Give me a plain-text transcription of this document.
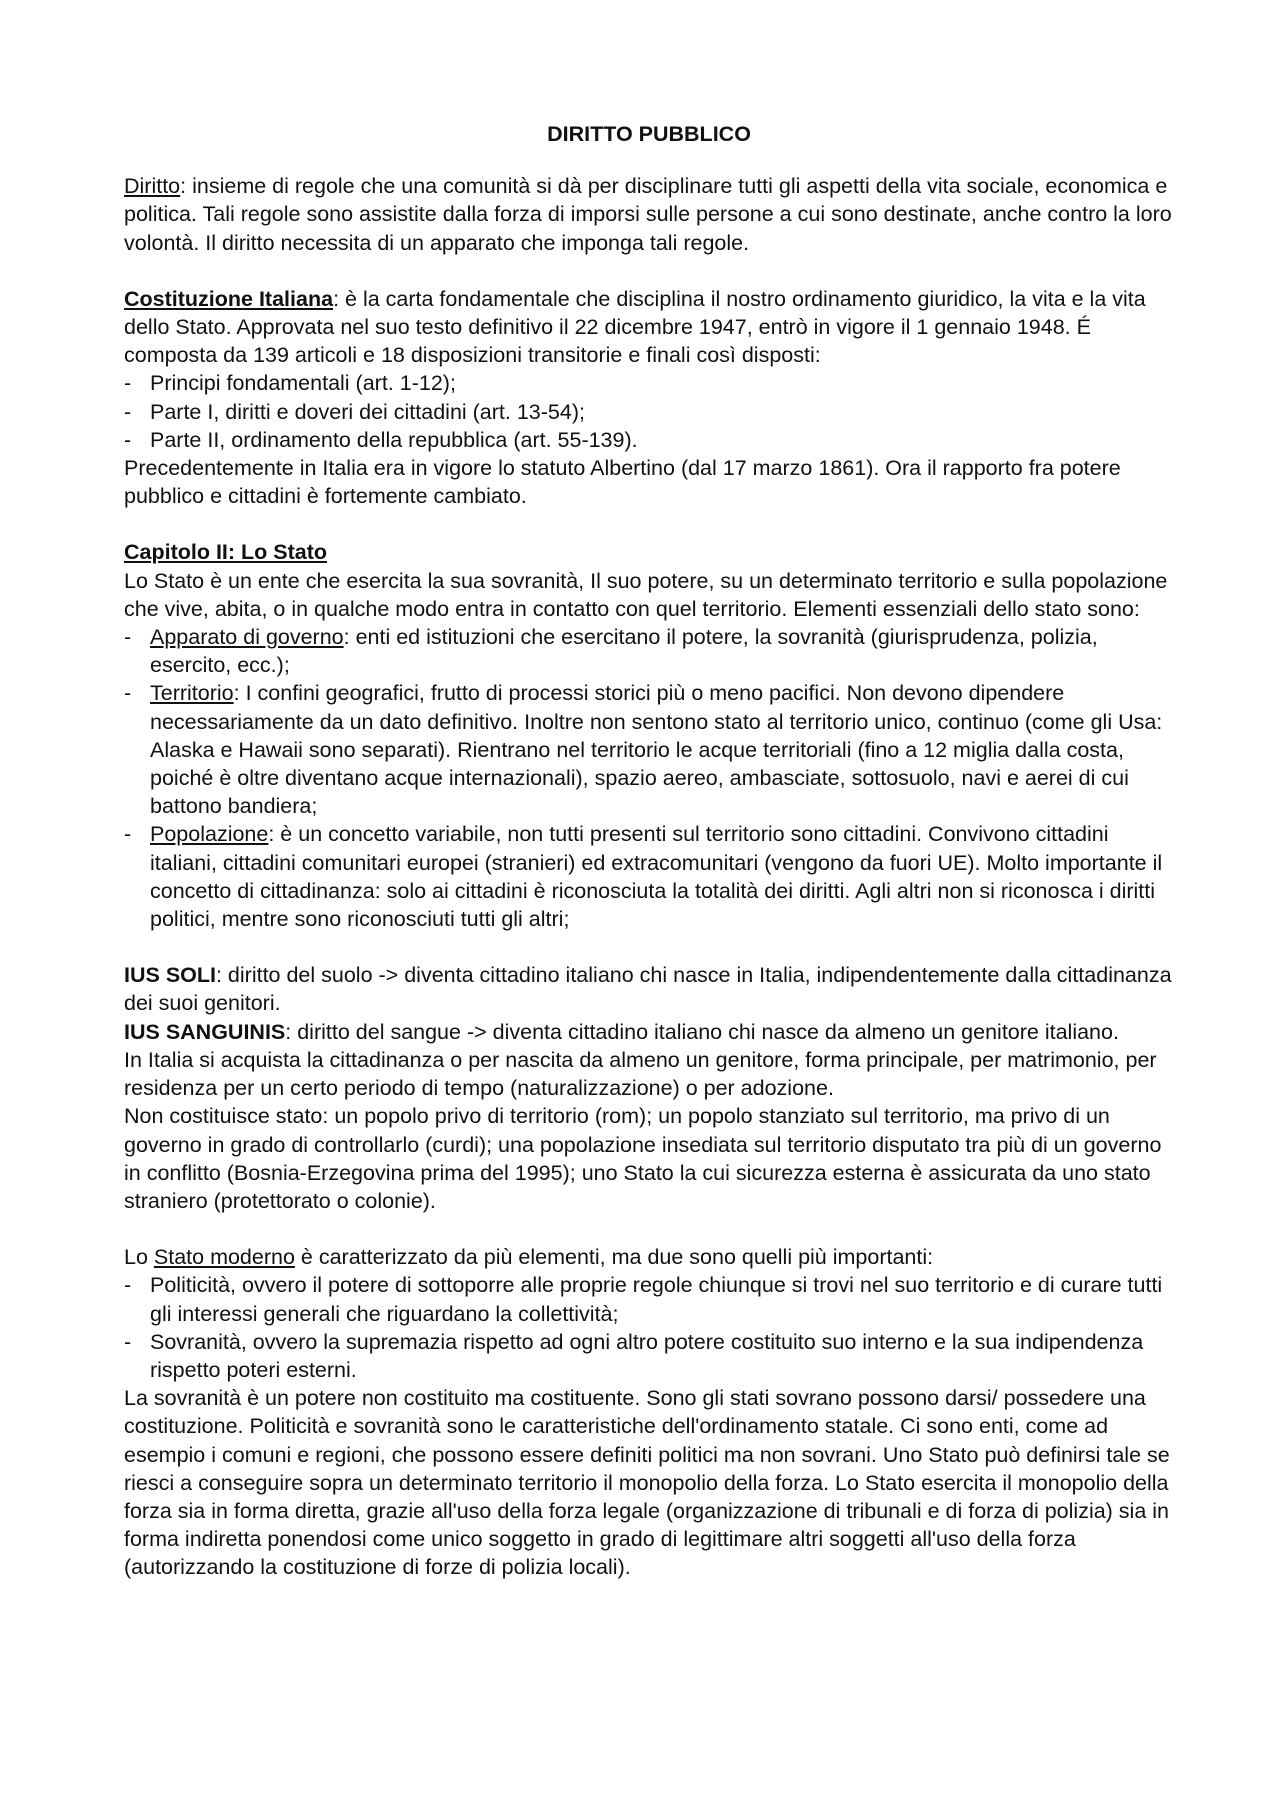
DIRITTO PUBBLICO

Diritto: insieme di regole che una comunità si dà per disciplinare tutti gli aspetti della vita sociale, economica e politica. Tali regole sono assistite dalla forza di imporsi sulle persone a cui sono destinate, anche contro la loro volontà. Il diritto necessita di un apparato che imponga tali regole.

Costituzione Italiana: è la carta fondamentale che disciplina il nostro ordinamento giuridico, la vita e la vita dello Stato. Approvata nel suo testo definitivo il 22 dicembre 1947, entrò in vigore il 1 gennaio 1948. É composta da 139 articoli e 18 disposizioni transitorie e finali così disposti:

- Principi fondamentali (art. 1-12);
- Parte I, diritti e doveri dei cittadini (art. 13-54);
- Parte II, ordinamento della repubblica (art. 55-139).

Precedentemente in Italia era in vigore lo statuto Albertino (dal 17 marzo 1861). Ora il rapporto fra potere pubblico e cittadini è fortemente cambiato.

Capitolo II: Lo Stato

Lo Stato è un ente che esercita la sua sovranità, Il suo potere, su un determinato territorio e sulla popolazione che vive, abita, o in qualche modo entra in contatto con quel territorio. Elementi essenziali dello stato sono:

- Apparato di governo: enti ed istituzioni che esercitano il potere, la sovranità (giurisprudenza, polizia, esercito, ecc.);
- Territorio: I confini geografici, frutto di processi storici più o meno pacifici. Non devono dipendere necessariamente da un dato definitivo. Inoltre non sentono stato al territorio unico, continuo (come gli Usa: Alaska e Hawaii sono separati). Rientrano nel territorio le acque territoriali (fino a 12 miglia dalla costa, poiché è oltre diventano acque internazionali), spazio aereo, ambasciate, sottosuolo, navi e aerei di cui battono bandiera;
- Popolazione: è un concetto variabile, non tutti presenti sul territorio sono cittadini. Convivono cittadini italiani, cittadini comunitari europei (stranieri) ed extracomunitari (vengono da fuori UE). Molto importante il concetto di cittadinanza: solo ai cittadini è riconosciuta la totalità dei diritti. Agli altri non si riconosca i diritti politici, mentre sono riconosciuti tutti gli altri;

IUS SOLI: diritto del suolo -> diventa cittadino italiano chi nasce in Italia, indipendentemente dalla cittadinanza dei suoi genitori.

IUS SANGUINIS: diritto del sangue -> diventa cittadino italiano chi nasce da almeno un genitore italiano.

In Italia si acquista la cittadinanza o per nascita da almeno un genitore, forma principale, per matrimonio, per residenza per un certo periodo di tempo (naturalizzazione) o per adozione.

Non costituisce stato: un popolo privo di territorio (rom); un popolo stanziato sul territorio, ma privo di un governo in grado di controllarlo (curdi); una popolazione insediata sul territorio disputato tra più di un governo in conflitto (Bosnia-Erzegovina prima del 1995); uno Stato la cui sicurezza esterna è assicurata da uno stato straniero (protettorato o colonie).

Lo Stato moderno è caratterizzato da più elementi, ma due sono quelli più importanti:

- Politicità, ovvero il potere di sottoporre alle proprie regole chiunque si trovi nel suo territorio e di curare tutti gli interessi generali che riguardano la collettività;
- Sovranità, ovvero la supremazia rispetto ad ogni altro potere costituito suo interno e la sua indipendenza rispetto poteri esterni.

La sovranità è un potere non costituito ma costituente. Sono gli stati sovrano possono darsi/ possedere una costituzione. Politicità e sovranità sono le caratteristiche dell'ordinamento statale. Ci sono enti, come ad esempio i comuni e regioni, che possono essere definiti politici ma non sovrani. Uno Stato può definirsi tale se riesci a conseguire sopra un determinato territorio il monopolio della forza. Lo Stato esercita il monopolio della forza sia in forma diretta, grazie all'uso della forza legale (organizzazione di tribunali e di forza di polizia) sia in forma indiretta ponendosi come unico soggetto in grado di legittimare altri soggetti all'uso della forza (autorizzando la costituzione di forze di polizia locali).
